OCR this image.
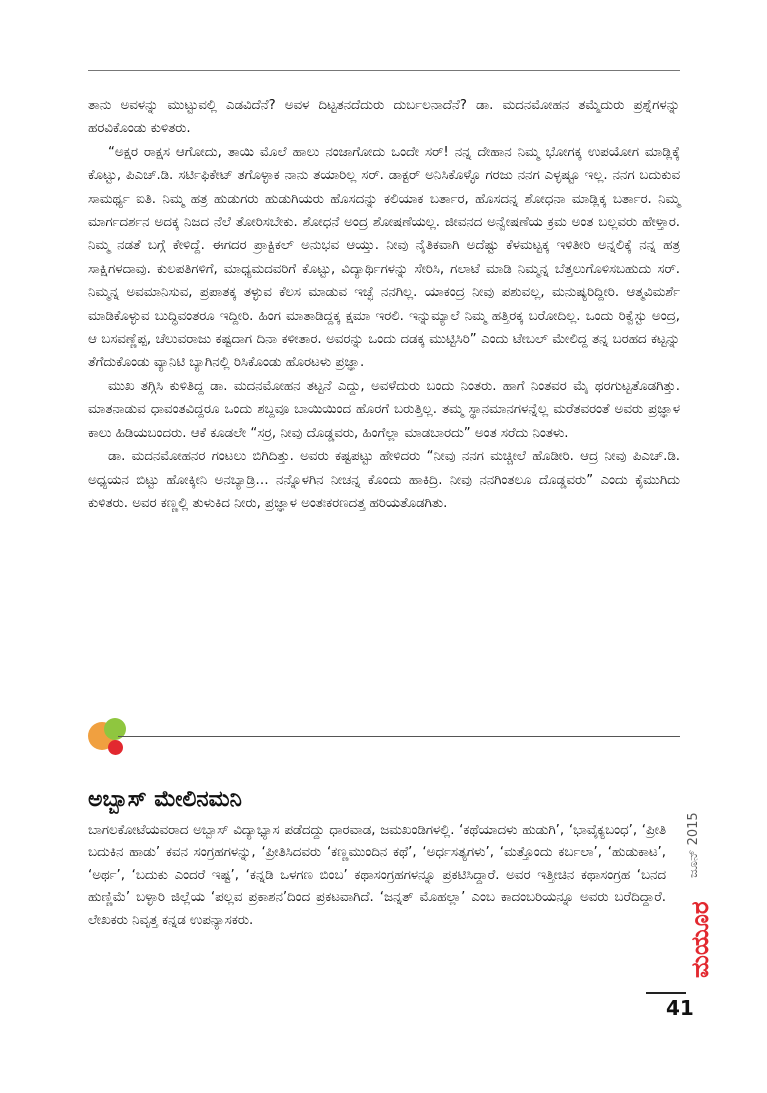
ತಾನು ಅವಳನ್ನು ಮುಟ್ಟುವಲ್ಲಿ ಎಡವಿದೆನೆ? ಅವಳ ದಿಟ್ಟತನದೆದುರು ದುರ್ಬಲನಾದೆನೆ? ಡಾ. ಮದನಮೋಹನ ತಮ್ಮೆದುರು ಪ್ರಶ್ನೆಗಳನ್ನು ಹರವಿಕೊಂಡು ಕುಳಿತರು.

“ಅಕ್ಷರ ರಾಕ್ಷಸ ಆಗೋದು, ತಾಯಿ ಮೊಲೆ ಹಾಲು ನಂಜಾಗೋದು ಒಂದೇ ಸರ್! ನನ್ನ ದೇಹಾನ ನಿಮ್ಮ ಭೋಗಕ್ಕ ಉಪಯೋಗ ಮಾಡ್ಲಿಕ್ಕೆ ಕೊಟ್ಟು, ಪಿಎಚ್.ಡಿ. ಸರ್ಟಿಫಿಕೇಟ್ ತಗೊಳ್ಳಾಕ ನಾನು ತಯಾರಿಲ್ಲ ಸರ್. ಡಾಕ್ಟರ್ ಅನಿಸಿಕೊಳ್ಳೊ ಗರಜು ನನಗ ಎಳ್ಳಷ್ಟೂ ಇಲ್ಲ. ನನಗ ಬದುಕುವ ಸಾಮರ್ಥ್ಯ ಐತಿ. ನಿಮ್ಮ ಹತ್ರ ಹುಡುಗರು ಹುಡುಗಿಯರು ಹೊಸದನ್ನು ಕಲಿಯಾಕ ಬರ್ತಾರ, ಹೊಸದನ್ನ ಶೋಧನಾ ಮಾಡ್ಲಿಕ್ಕ ಬರ್ತಾರ. ನಿಮ್ಮ ಮಾರ್ಗದರ್ಶನ ಅದಕ್ಕ ನಿಜದ ನೆಲೆ ತೋರಿಸಬೇಕು. ಶೋಧನೆ ಅಂದ್ರ ಶೋಷಣೆಯಲ್ಲ. ಜೀವನದ ಅನ್ವೇಷಣೆಯ ಕ್ರಮ ಅಂತ ಬಲ್ಲವರು ಹೇಳ್ತಾರ. ನಿಮ್ಮ ನಡತೆ ಬಗ್ಗೆ ಕೇಳಿದ್ದೆ. ಈಗದರ ಪ್ರಾಕ್ಟಿಕಲ್ ಅನುಭವ ಆಯ್ತು. ನೀವು ನೈತಿಕವಾಗಿ ಅದೆಷ್ಟು ಕೆಳಮಟ್ಟಕ್ಕ ಇಳಿತೀರಿ ಅನ್ನಲಿಕ್ಕೆ ನನ್ನ ಹತ್ರ ಸಾಕ್ಷಿಗಳದಾವು. ಕುಲಪತಿಗಳಿಗೆ, ಮಾಧ್ಯಮದವರಿಗೆ ಕೊಟ್ಟು, ವಿದ್ಯಾರ್ಥಿಗಳನ್ನು ಸೇರಿಸಿ, ಗಲಾಟೆ ಮಾಡಿ ನಿಮ್ಮನ್ನ ಬೆತ್ತಲುಗೊಳಿಸಬಹುದು ಸರ್. ನಿಮ್ಮನ್ನ ಅವಮಾನಿಸುವ, ಪ್ರಪಾತಕ್ಕ ತಳ್ಳುವ ಕೆಲಸ ಮಾಡುವ ಇಚ್ಛೆ ನನಗಿಲ್ಲ. ಯಾಕಂದ್ರ ನೀವು ಪಶುವಲ್ಲ, ಮನುಷ್ಯರಿದ್ದೀರಿ. ಆತ್ಮವಿಮರ್ಶೆ ಮಾಡಿಕೊಳ್ಳುವ ಬುದ್ಧಿವಂತರೂ ಇದ್ದೀರಿ. ಹಿಂಗ ಮಾತಾಡಿದ್ದಕ್ಕ ಕ್ಷಮಾ ಇರಲಿ. ಇನ್ನುಮ್ಯಾಲೆ ನಿಮ್ಮ ಹತ್ತಿರಕ್ಕ ಬರೋದಿಲ್ಲ. ಒಂದು ರಿಕ್ವೆಸ್ಟು ಅಂದ್ರ, ಆ ಬಸವಣ್ಣೆಪ್ಪ, ಚೆಲುವರಾಜು ಕಷ್ಟದಾಗ ದಿನಾ ಕಳೀತಾರ. ಅವರನ್ನು ಒಂದು ದಡಕ್ಕ ಮುಟ್ಟಿಸಿರಿ” ಎಂದು ಟೇಬಲ್ ಮೇಲಿದ್ದ ತನ್ನ ಬರಹದ ಕಟ್ಟನ್ನು ತೆಗೆದುಕೊಂಡು ವ್ಯಾನಿಟಿ ಬ್ಯಾಗಿನಲ್ಲಿ ರಿಸಿಕೊಂಡು ಹೊರಟಳು ಪ್ರಜ್ಞಾ.

ಮುಖ ತಗ್ಗಿಸಿ ಕುಳಿತಿದ್ದ ಡಾ. ಮದನಮೋಹನ ತಟ್ಟನೆ ಎದ್ದು, ಅವಳೆದುರು ಬಂದು ನಿಂತರು. ಹಾಗೆ ನಿಂತವರ ಮೈ ಥರಗುಟ್ಟತೊಡಗಿತ್ತು. ಮಾತನಾಡುವ ಧಾವಂತವಿದ್ದರೂ ಒಂದು ಶಬ್ದವೂ ಬಾಯಿಯಿಂದ ಹೊರಗೆ ಬರುತ್ತಿಲ್ಲ. ತಮ್ಮ ಸ್ಥಾನಮಾನಗಳನ್ನೆಲ್ಲ ಮರೆತವರಂತೆ ಅವರು ಪ್ರಜ್ಞಾಳ ಕಾಲು ಹಿಡಿಯಬಂದರು. ಆಕೆ ಕೂಡಲೇ “ಸರ್ರ, ನೀವು ದೊಡ್ಡವರು, ಹಿಂಗೆಲ್ಲಾ ಮಾಡಬಾರದು” ಅಂತ ಸರೆದು ನಿಂತಳು.

ಡಾ. ಮದನಮೋಹನರ ಗಂಟಲು ಬಿಗಿದಿತ್ತು. ಅವರು ಕಷ್ಟಪಟ್ಟು ಹೇಳಿದರು “ನೀವು ನನಗ ಮಚ್ಚೀಲೆ ಹೊಡೀರಿ. ಆದ್ರ ನೀವು ಪಿಎಚ್.ಡಿ. ಅಧ್ಯಯನ ಬಿಟ್ಟು ಹೋಕ್ಕೀನಿ ಅನಬ್ಯಾಡ್ರಿ… ನನ್ನೊಳಗಿನ ನೀಚನ್ನ ಕೊಂದು ಹಾಕಿದ್ರಿ. ನೀವು ನನಗಿಂತಲೂ ದೊಡ್ಡವರು” ಎಂದು ಕೈಮುಗಿದು ಕುಳಿತರು. ಅವರ ಕಣ್ಣಲ್ಲಿ ತುಳುಕಿದ ನೀರು, ಪ್ರಜ್ಞಾಳ ಅಂತಃಕರಣದತ್ತ ಹರಿಯತೊಡಗಿತು.

ಅಬ್ಬಾಸ್ ಮೇಲಿನಮನಿ

ಬಾಗಲಕೋಟೆಯವರಾದ ಅಬ್ಬಾಸ್ ವಿದ್ಯಾಭ್ಯಾಸ ಪಡೆದದ್ದು ಧಾರವಾಡ, ಜಮಖಂಡಿಗಳಲ್ಲಿ. ‘ಕಥೆಯಾದಳು ಹುಡುಗಿ’, ‘ಭಾವೈಕ್ಯಬಂಧ’, ‘ಪ್ರೀತಿ ಬದುಕಿನ ಹಾಡು’ ಕವನ ಸಂಗ್ರಹಗಳನ್ನು, ‘ಪ್ರೀತಿಸಿದವರು ‘ಕಣ್ಣಮುಂದಿನ ಕಥೆ’, ‘ಅರ್ಧಸತ್ಯಗಳು’, ‘ಮತ್ತೊಂದು ಕರ್ಬಲಾ’, ‘ಹುಡುಕಾಟ’, ‘ಅರ್ಥ’, ‘ಬದುಕು ಎಂದರೆ ಇಷ್ಟ’, ‘ಕನ್ನಡಿ ಒಳಗಣ ಬಿಂಬ’ ಕಥಾಸಂಗ್ರಹಗಳನ್ನೂ ಪ್ರಕಟಿಸಿದ್ದಾರೆ. ಅವರ ಇತ್ತೀಚಿನ ಕಥಾಸಂಗ್ರಹ ‘ಬನದ ಹುಣ್ಣಿಮೆ’ ಬಳ್ಳಾರಿ ಜಿಲ್ಲೆಯ ‘ಪಲ್ಲವ ಪ್ರಕಾಶನ’ದಿಂದ ಪ್ರಕಟವಾಗಿದೆ. ‘ಜನ್ನತ್ ಮೊಹಲ್ಲಾ’ ಎಂಬ ಕಾದಂಬರಿಯನ್ನೂ ಅವರು ಬರೆದಿದ್ದಾರೆ. ಲೇಖಕರು ನಿವೃತ್ತ ಕನ್ನಡ ಉಪನ್ಯಾಸಕರು.

ಜೂನ್ 2015
ಮಯೂರ

41
